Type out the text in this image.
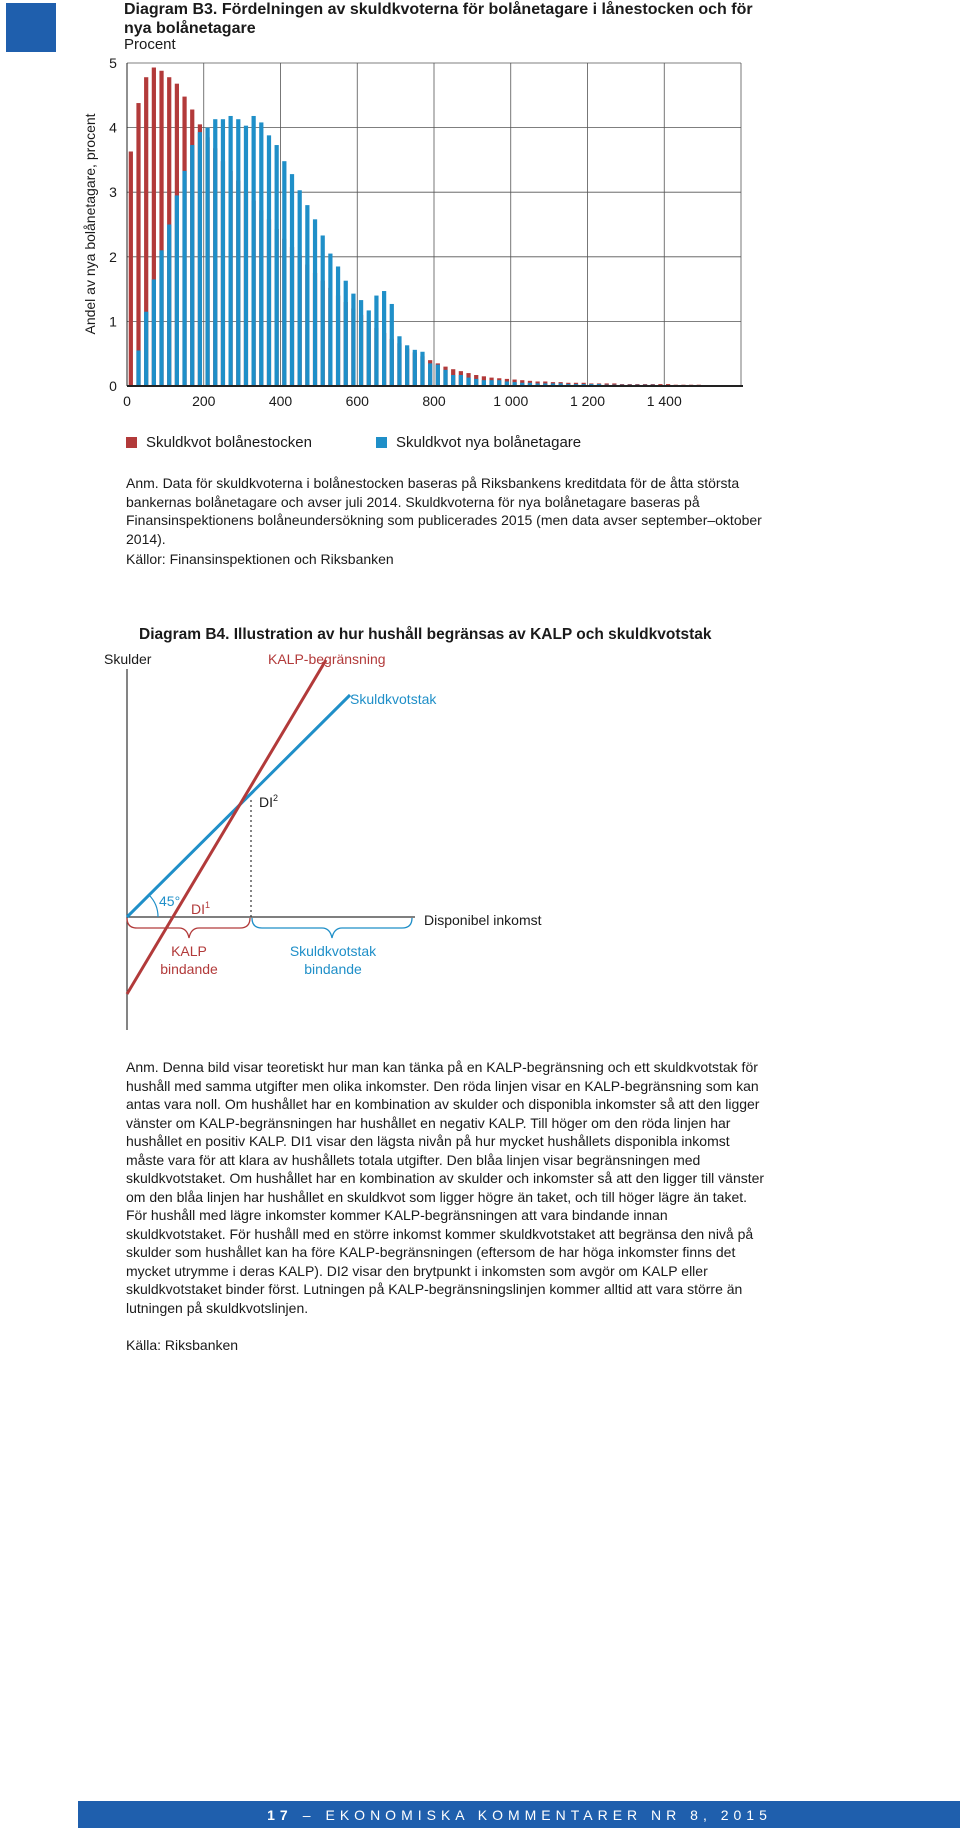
Diagram B3. Fördelningen av skuldkvoterna för bolånetagare i lånestocken och för nya bolånetagare
Procent
0
1
2
3
4
5
0	200	400	600	800	1 000	1 200	1 400
Andel av nya bolånetagare, procent
Skuldkvot bolånestocken	Skuldkvot nya bolånetagare
Anm. Data för skuldkvoterna i bolånestocken baseras på Riksbankens kreditdata för de åtta största bankernas bolånetagare och avser juli 2014. Skuldkvoterna för nya bolånetagare baseras på Finansinspektionens bolåneundersökning som publicerades 2015 (men data avser september–oktober 2014).
Källor: Finansinspektionen och Riksbanken
Diagram B4. Illustration av hur hushåll begränsas av KALP och skuldkvotstak
Skulder	KALP-begränsning
Skuldkvotstak
$DI^2$
45° $DI^1$
Disponibel inkomst
KALP
bindande
Skuldkvotstak
bindande
Anm. Denna bild visar teoretiskt hur man kan tänka på en KALP-begränsning och ett skuldkvotstak för hushåll med samma utgifter men olika inkomster. Den röda linjen visar en KALP-begränsning som kan antas vara noll. Om hushållet har en kombination av skulder och disponibla inkomster så att den ligger vänster om KALP-begränsningen har hushållet en negativ KALP. Till höger om den röda linjen har hushållet en positiv KALP. DI1 visar den lägsta nivån på hur mycket hushållets disponibla inkomst måste vara för att klara av hushållets totala utgifter. Den blåa linjen visar begränsningen med skuldkvotstaket. Om hushållet har en kombination av skulder och inkomster så att den ligger till vänster om den blåa linjen har hushållet en skuldkvot som ligger högre än taket, och till höger lägre än taket. För hushåll med lägre inkomster kommer KALP-begränsningen att vara bindande innan skuldkvotstaket. För hushåll med en större inkomst kommer skuldkvotstaket att begränsa den nivå på skulder som hushållet kan ha före KALP-begränsningen (eftersom de har höga inkomster finns det mycket utrymme i deras KALP). DI2 visar den brytpunkt i inkomsten som avgör om KALP eller skuldkvotstaket binder först. Lutningen på KALP-begränsningslinjen kommer alltid att vara större än lutningen på skuldkvotslinjen.
Källa: Riksbanken
17 – EKONOMISKA KOMMENTARER NR 8, 2015
